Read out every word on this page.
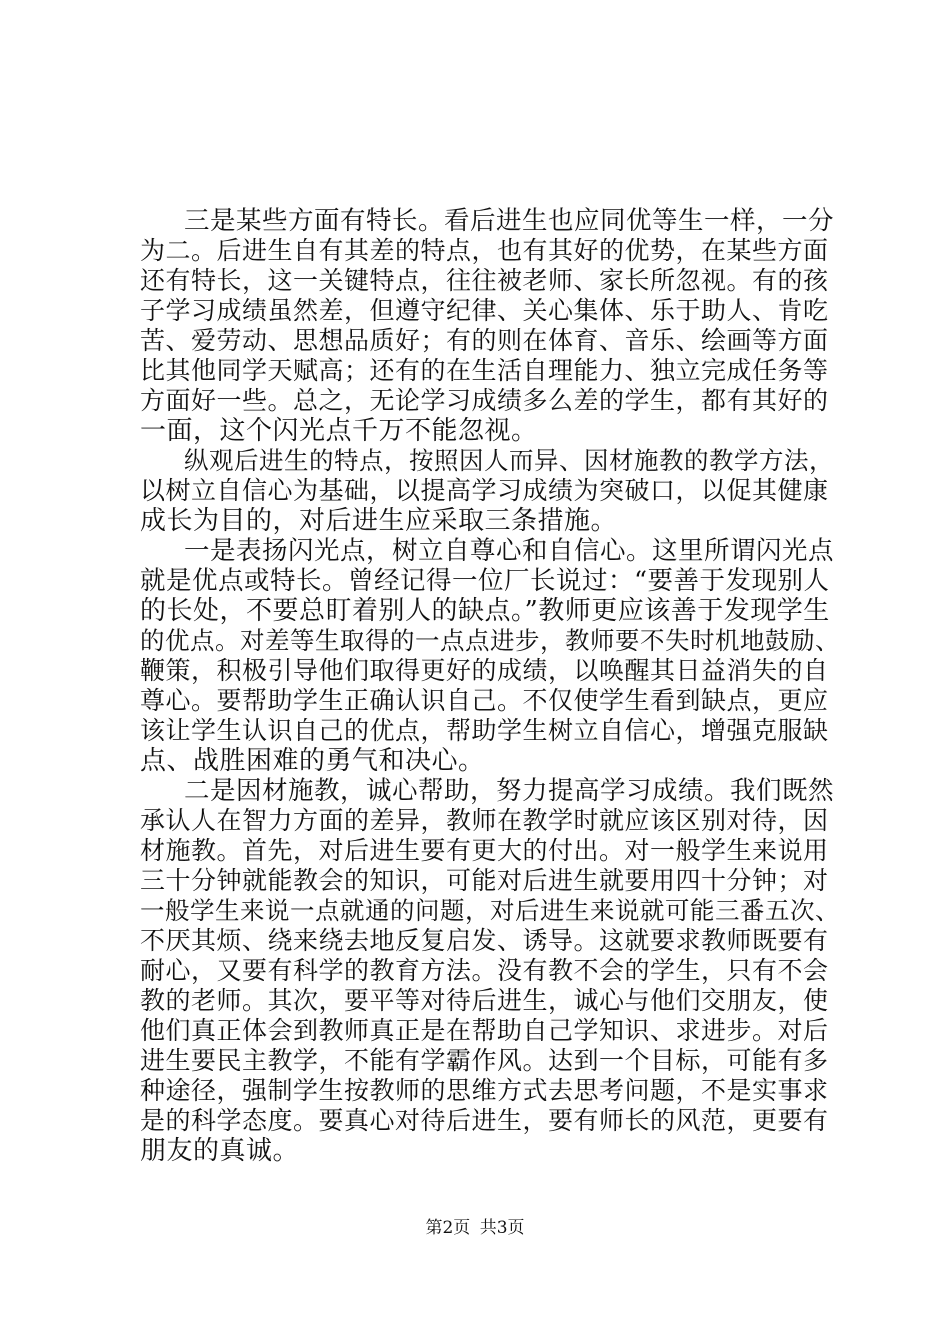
三是某些方面有特长。看后进生也应同优等生一样，一分
为二。后进生自有其差的特点，也有其好的优势，在某些方面
还有特长，这一关键特点，往往被老师、家长所忽视。有的孩
子学习成绩虽然差，但遵守纪律、关心集体、乐于助人、肯吃
苦、爱劳动、思想品质好；有的则在体育、音乐、绘画等方面
比其他同学天赋高；还有的在生活自理能力、独立完成任务等
方面好一些。总之，无论学习成绩多么差的学生，都有其好的
一面，这个闪光点千万不能忽视。
纵观后进生的特点，按照因人而异、因材施教的教学方法，
以树立自信心为基础，以提高学习成绩为突破口，以促其健康
成长为目的，对后进生应采取三条措施。
一是表扬闪光点，树立自尊心和自信心。这里所谓闪光点
就是优点或特长。曾经记得一位厂长说过：“要善于发现别人
的长处，不要总盯着别人的缺点。”教师更应该善于发现学生
的优点。对差等生取得的一点点进步，教师要不失时机地鼓励、
鞭策，积极引导他们取得更好的成绩，以唤醒其日益消失的自
尊心。要帮助学生正确认识自己。不仅使学生看到缺点，更应
该让学生认识自己的优点，帮助学生树立自信心，增强克服缺
点、战胜困难的勇气和决心。
二是因材施教，诚心帮助，努力提高学习成绩。我们既然
承认人在智力方面的差异，教师在教学时就应该区别对待，因
材施教。首先，对后进生要有更大的付出。对一般学生来说用
三十分钟就能教会的知识，可能对后进生就要用四十分钟；对
一般学生来说一点就通的问题，对后进生来说就可能三番五次、
不厌其烦、绕来绕去地反复启发、诱导。这就要求教师既要有
耐心，又要有科学的教育方法。没有教不会的学生，只有不会
教的老师。其次，要平等对待后进生，诚心与他们交朋友，使
他们真正体会到教师真正是在帮助自己学知识、求进步。对后
进生要民主教学，不能有学霸作风。达到一个目标，可能有多
种途径，强制学生按教师的思维方式去思考问题，不是实事求
是的科学态度。要真心对待后进生，要有师长的风范，更要有
朋友的真诚。
第2页 共3页
